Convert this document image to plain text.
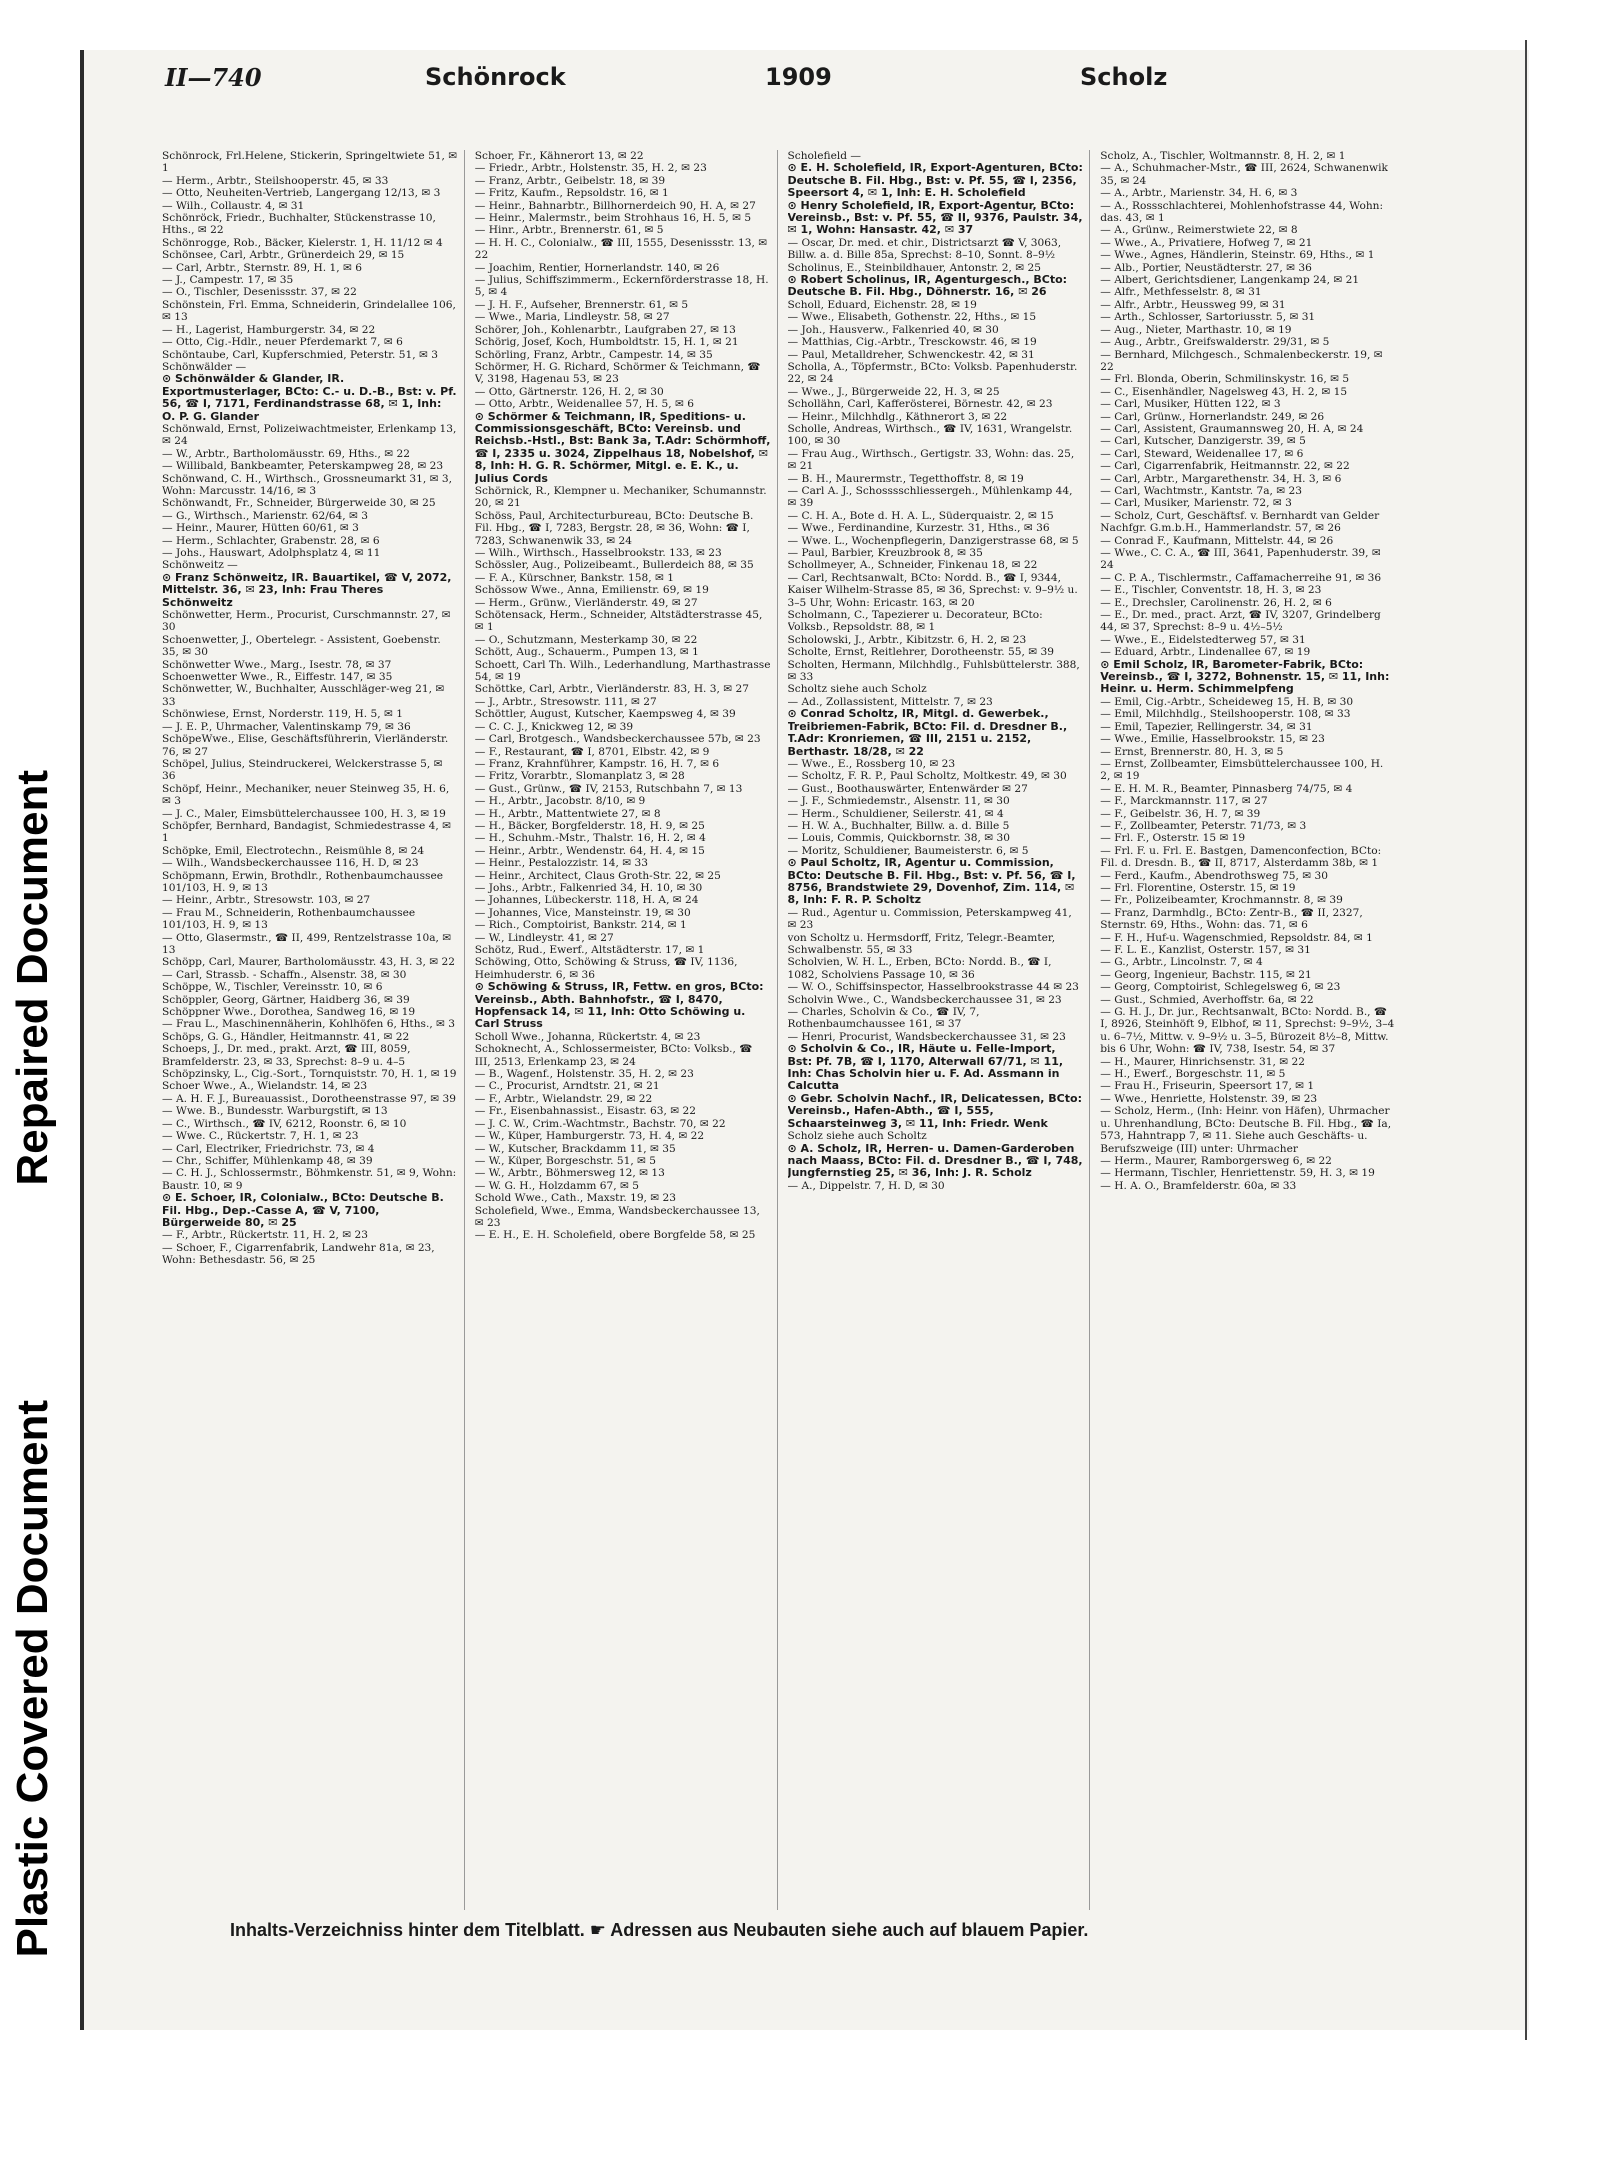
Repaired Document
Plastic Covered Document
II—740	Schönrock	1909	Scholz

Schönrock, Frl.Helene, Stickerin, Springeltwiete 51, ✉ 1

— Herm., Arbtr., Steilshooperstr. 45, ✉ 33

— Otto, Neuheiten-Vertrieb, Langergang 12/13, ✉ 3

— Wilh., Collaustr. 4, ✉ 31

Schönröck, Friedr., Buchhalter, Stückenstrasse 10, Hths., ✉ 22

Schönrogge, Rob., Bäcker, Kielerstr. 1, H. 11/12 ✉ 4

Schönsee, Carl, Arbtr., Grünerdeich 29, ✉ 15

— Carl, Arbtr., Sternstr. 89, H. 1, ✉ 6

— J., Campestr. 17, ✉ 35

— O., Tischler, Desenissstr. 37, ✉ 22

Schönstein, Frl. Emma, Schneiderin, Grindelallee 106, ✉ 13

— H., Lagerist, Hamburgerstr. 34, ✉ 22

— Otto, Cig.-Hdlr., neuer Pferdemarkt 7, ✉ 6

Schöntaube, Carl, Kupferschmied, Peterstr. 51, ✉ 3

Schönwälder —

⊙ Schönwälder & Glander, IR. Exportmusterlager, BCto: C.- u. D.-B., Bst: v. Pf. 56, ☎ I, 7171, Ferdinandstrasse 68, ✉ 1, Inh: O. P. G. Glander

Schönwald, Ernst, Polizeiwachtmeister, Erlenkamp 13, ✉ 24

— W., Arbtr., Bartholomäusstr. 69, Hths., ✉ 22

— Willibald, Bankbeamter, Peterskampweg 28, ✉ 23

Schönwand, C. H., Wirthsch., Grossneumarkt 31, ✉ 3, Wohn: Marcusstr. 14/16, ✉ 3

Schönwandt, Fr., Schneider, Bürgerweide 30, ✉ 25

— G., Wirthsch., Marienstr. 62/64, ✉ 3

— Heinr., Maurer, Hütten 60/61, ✉ 3

— Herm., Schlachter, Grabenstr. 28, ✉ 6

— Johs., Hauswart, Adolphsplatz 4, ✉ 11

Schönweitz —

⊙ Franz Schönweitz, IR. Bauartikel, ☎ V, 2072, Mittelstr. 36, ✉ 23, Inh: Frau Theres Schönweitz

Schönwetter, Herm., Procurist, Curschmannstr. 27, ✉ 30

Schoenwetter, J., Obertelegr. - Assistent, Goebenstr. 35, ✉ 30

Schönwetter Wwe., Marg., Isestr. 78, ✉ 37

Schoenwetter Wwe., R., Eiffestr. 147, ✉ 35

Schönwetter, W., Buchhalter, Ausschläger-weg 21, ✉ 33

Schönwiese, Ernst, Norderstr. 119, H. 5, ✉ 1

— J. E. P., Uhrmacher, Valentinskamp 79, ✉ 36

SchöpeWwe., Elise, Geschäftsführerin, Vierländerstr. 76, ✉ 27

Schöpel, Julius, Steindruckerei, Welckerstrasse 5, ✉ 36

Schöpf, Heinr., Mechaniker, neuer Steinweg 35, H. 6, ✉ 3

— J. C., Maler, Eimsbüttelerchaussee 100, H. 3, ✉ 19

Schöpfer, Bernhard, Bandagist, Schmiedestrasse 4, ✉ 1

Schöpke, Emil, Electrotechn., Reismühle 8, ✉ 24

— Wilh., Wandsbeckerchaussee 116, H. D, ✉ 23

Schöpmann, Erwin, Brothdlr., Rothenbaumchaussee 101/103, H. 9, ✉ 13

— Heinr., Arbtr., Stresowstr. 103, ✉ 27

— Frau M., Schneiderin, Rothenbaumchaussee 101/103, H. 9, ✉ 13

— Otto, Glasermstr., ☎ II, 499, Rentzelstrasse 10a, ✉ 13

Schöpp, Carl, Maurer, Bartholomäusstr. 43, H. 3, ✉ 22

— Carl, Strassb. - Schaffn., Alsenstr. 38, ✉ 30

Schöppe, W., Tischler, Vereinsstr. 10, ✉ 6

Schöppler, Georg, Gärtner, Haidberg 36, ✉ 39

Schöppner Wwe., Dorothea, Sandweg 16, ✉ 19

— Frau L., Maschinennäherin, Kohlhöfen 6, Hths., ✉ 3

Schöps, G. G., Händler, Heitmannstr. 41, ✉ 22

Schoeps, J., Dr. med., prakt. Arzt, ☎ III, 8059, Bramfelderstr. 23, ✉ 33, Sprechst: 8–9 u. 4–5

Schöpzinsky, L., Cig.-Sort., Tornquiststr. 70, H. 1, ✉ 19

Schoer Wwe., A., Wielandstr. 14, ✉ 23

— A. H. F. J., Bureauassist., Dorotheenstrasse 97, ✉ 39

— Wwe. B., Bundesstr. Warburgstift, ✉ 13

— C., Wirthsch., ☎ IV, 6212, Roonstr. 6, ✉ 10

— Wwe. C., Rückertstr. 7, H. 1, ✉ 23

— Carl, Electriker, Friedrichstr. 73, ✉ 4

— Chr., Schiffer, Mühlenkamp 48, ✉ 39

— C. H. J., Schlossermstr., Böhmkenstr. 51, ✉ 9, Wohn: Baustr. 10, ✉ 9

⊙ E. Schoer, IR, Colonialw., BCto: Deutsche B. Fil. Hbg., Dep.-Casse A, ☎ V, 7100, Bürgerweide 80, ✉ 25

— F., Arbtr., Rückertstr. 11, H. 2, ✉ 23

— Schoer, F., Cigarrenfabrik, Landwehr 81a, ✉ 23, Wohn: Bethesdastr. 56, ✉ 25

Schoer, Fr., Kähnerort 13, ✉ 22

— Friedr., Arbtr., Holstenstr. 35, H. 2, ✉ 23

— Franz, Arbtr., Geibelstr. 18, ✉ 39

— Fritz, Kaufm., Repsoldstr. 16, ✉ 1

— Heinr., Bahnarbtr., Billhornerdeich 90, H. A, ✉ 27

— Heinr., Malermstr., beim Strohhaus 16, H. 5, ✉ 5

— Hinr., Arbtr., Brennerstr. 61, ✉ 5

— H. H. C., Colonialw., ☎ III, 1555, Desenissstr. 13, ✉ 22

— Joachim, Rentier, Hornerlandstr. 140, ✉ 26

— Julius, Schiffszimmerm., Eckernförderstrasse 18, H. 5, ✉ 4

— J. H. F., Aufseher, Brennerstr. 61, ✉ 5

— Wwe., Maria, Lindleystr. 58, ✉ 27

Schörer, Joh., Kohlenarbtr., Laufgraben 27, ✉ 13

Schörig, Josef, Koch, Humboldtstr. 15, H. 1, ✉ 21

Schörling, Franz, Arbtr., Campestr. 14, ✉ 35

Schörmer, H. G. Richard, Schörmer & Teichmann, ☎ V, 3198, Hagenau 53, ✉ 23

— Otto, Gärtnerstr. 126, H. 2, ✉ 30

— Otto, Arbtr., Weidenallee 57, H. 5, ✉ 6

⊙ Schörmer & Teichmann, IR, Speditions- u. Commissionsgeschäft, BCto: Vereinsb. und Reichsb.-Hstl., Bst: Bank 3a, T.Adr: Schörmhoff, ☎ I, 2335 u. 3024, Zippelhaus 18, Nobelshof, ✉ 8, Inh: H. G. R. Schörmer, Mitgl. e. E. K., u. Julius Cords

Schörnick, R., Klempner u. Mechaniker, Schumannstr. 20, ✉ 21

Schöss, Paul, Architecturbureau, BCto: Deutsche B. Fil. Hbg., ☎ I, 7283, Bergstr. 28, ✉ 36, Wohn: ☎ I, 7283, Schwanenwik 33, ✉ 24

— Wilh., Wirthsch., Hasselbrookstr. 133, ✉ 23

Schössler, Aug., Polizeibeamt., Bullerdeich 88, ✉ 35

— F. A., Kürschner, Bankstr. 158, ✉ 1

Schössow Wwe., Anna, Emilienstr. 69, ✉ 19

— Herm., Grünw., Vierländerstr. 49, ✉ 27

Schötensack, Herm., Schneider, Altstädterstrasse 45, ✉ 1

— O., Schutzmann, Mesterkamp 30, ✉ 22

Schött, Aug., Schauerm., Pumpen 13, ✉ 1

Schoett, Carl Th. Wilh., Lederhandlung, Marthastrasse 54, ✉ 19

Schöttke, Carl, Arbtr., Vierländerstr. 83, H. 3, ✉ 27

— J., Arbtr., Stresowstr. 111, ✉ 27

Schöttler, August, Kutscher, Kaempsweg 4, ✉ 39

— C. C. J., Knickweg 12, ✉ 39

— Carl, Brotgesch., Wandsbeckerchaussee 57b, ✉ 23

— F., Restaurant, ☎ I, 8701, Elbstr. 42, ✉ 9

— Franz, Krahnführer, Kampstr. 16, H. 7, ✉ 6

— Fritz, Vorarbtr., Slomanplatz 3, ✉ 28

— Gust., Grünw., ☎ IV, 2153, Rutschbahn 7, ✉ 13

— H., Arbtr., Jacobstr. 8/10, ✉ 9

— H., Arbtr., Mattentwiete 27, ✉ 8

— H., Bäcker, Borgfelderstr. 18, H. 9, ✉ 25

— H., Schuhm.-Mstr., Thalstr. 16, H. 2, ✉ 4

— Heinr., Arbtr., Wendenstr. 64, H. 4, ✉ 15

— Heinr., Pestalozzistr. 14, ✉ 33

— Heinr., Architect, Claus Groth-Str. 22, ✉ 25

— Johs., Arbtr., Falkenried 34, H. 10, ✉ 30

— Johannes, Lübeckerstr. 118, H. A, ✉ 24

— Johannes, Vice, Mansteinstr. 19, ✉ 30

— Rich., Comptoirist, Bankstr. 214, ✉ 1

— W., Lindleystr. 41, ✉ 27

Schötz, Rud., Ewerf., Altstädterstr. 17, ✉ 1

Schöwing, Otto, Schöwing & Struss, ☎ IV, 1136, Heimhuderstr. 6, ✉ 36

⊙ Schöwing & Struss, IR, Fettw. en gros, BCto: Vereinsb., Abth. Bahnhofstr., ☎ I, 8470, Hopfensack 14, ✉ 11, Inh: Otto Schöwing u. Carl Struss

Scholl Wwe., Johanna, Rückertstr. 4, ✉ 23

Schoknecht, A., Schlossermeister, BCto: Volksb., ☎ III, 2513, Erlenkamp 23, ✉ 24

— B., Wagenf., Holstenstr. 35, H. 2, ✉ 23

— C., Procurist, Arndtstr. 21, ✉ 21

— F., Arbtr., Wielandstr. 29, ✉ 22

— Fr., Eisenbahnassist., Eisastr. 63, ✉ 22

— J. C. W., Crim.-Wachtmstr., Bachstr. 70, ✉ 22

— W., Küper, Hamburgerstr. 73, H. 4, ✉ 22

— W., Kutscher, Brackdamm 11, ✉ 35

— W., Küper, Borgeschstr. 51, ✉ 5

— W., Arbtr., Böhmersweg 12, ✉ 13

— W. G. H., Holzdamm 67, ✉ 5

Schold Wwe., Cath., Maxstr. 19, ✉ 23

Scholefield, Wwe., Emma, Wandsbeckerchaussee 13, ✉ 23

— E. H., E. H. Scholefield, obere Borgfelde 58, ✉ 25

Scholefield —

⊙ E. H. Scholefield, IR, Export-Agenturen, BCto: Deutsche B. Fil. Hbg., Bst: v. Pf. 55, ☎ I, 2356, Speersort 4, ✉ 1, Inh: E. H. Scholefield

⊙ Henry Scholefield, IR, Export-Agentur, BCto: Vereinsb., Bst: v. Pf. 55, ☎ II, 9376, Paulstr. 34, ✉ 1, Wohn: Hansastr. 42, ✉ 37

— Oscar, Dr. med. et chir., Districtsarzt ☎ V, 3063, Billw. a. d. Bille 85a, Sprechst: 8–10, Sonnt. 8–9½

Scholinus, E., Steinbildhauer, Antonstr. 2, ✉ 25

⊙ Robert Scholinus, IR, Agenturgesch., BCto: Deutsche B. Fil. Hbg., Döhnerstr. 16, ✉ 26

Scholl, Eduard, Eichenstr. 28, ✉ 19

— Wwe., Elisabeth, Gothenstr. 22, Hths., ✉ 15

— Joh., Hausverw., Falkenried 40, ✉ 30

— Matthias, Cig.-Arbtr., Tresckowstr. 46, ✉ 19

— Paul, Metalldreher, Schwenckestr. 42, ✉ 31

Scholla, A., Töpfermstr., BCto: Volksb. Papenhuderstr. 22, ✉ 24

— Wwe., J., Bürgerweide 22, H. 3, ✉ 25

Schollähn, Carl, Kafferösterei, Börnestr. 42, ✉ 23

— Heinr., Milchhdlg., Käthnerort 3, ✉ 22

Scholle, Andreas, Wirthsch., ☎ IV, 1631, Wrangelstr. 100, ✉ 30

— Frau Aug., Wirthsch., Gertigstr. 33, Wohn: das. 25, ✉ 21

— B. H., Maurermstr., Tegetthoffstr. 8, ✉ 19

— Carl A. J., Schosssschliessergeh., Mühlenkamp 44, ✉ 39

— C. H. A., Bote d. H. A. L., Süderquaistr. 2, ✉ 15

— Wwe., Ferdinandine, Kurzestr. 31, Hths., ✉ 36

— Wwe. L., Wochenpflegerin, Danzigerstrasse 68, ✉ 5

— Paul, Barbier, Kreuzbrook 8, ✉ 35

Schollmeyer, A., Schneider, Finkenau 18, ✉ 22

— Carl, Rechtsanwalt, BCto: Nordd. B., ☎ I, 9344, Kaiser Wilhelm-Strasse 85, ✉ 36, Sprechst: v. 9–9½ u. 3–5 Uhr, Wohn: Ericastr. 163, ✉ 20

Scholmann, C., Tapezierer u. Decorateur, BCto: Volksb., Repsoldstr. 88, ✉ 1

Scholowski, J., Arbtr., Kibitzstr. 6, H. 2, ✉ 23

Scholte, Ernst, Reitlehrer, Dorotheenstr. 55, ✉ 39

Scholten, Hermann, Milchhdlg., Fuhlsbüttelerstr. 388, ✉ 33

Scholtz siehe auch Scholz

— Ad., Zollassistent, Mittelstr. 7, ✉ 23

⊙ Conrad Scholtz, IR, Mitgl. d. Gewerbek., Treibriemen-Fabrik, BCto: Fil. d. Dresdner B., T.Adr: Kronriemen, ☎ III, 2151 u. 2152, Berthastr. 18/28, ✉ 22

— Wwe., E., Rossberg 10, ✉ 23

— Scholtz, F. R. P., Paul Scholtz, Moltkestr. 49, ✉ 30

— Gust., Boothauswärter, Entenwärder ✉ 27

— J. F., Schmiedemstr., Alsenstr. 11, ✉ 30

— Herm., Schuldiener, Seilerstr. 41, ✉ 4

— H. W. A., Buchhalter, Billw. a. d. Bille 5

— Louis, Commis, Quickbornstr. 38, ✉ 30

— Moritz, Schuldiener, Baumeisterstr. 6, ✉ 5

⊙ Paul Scholtz, IR, Agentur u. Commission, BCto: Deutsche B. Fil. Hbg., Bst: v. Pf. 56, ☎ I, 8756, Brandstwiete 29, Dovenhof, Zim. 114, ✉ 8, Inh: F. R. P. Scholtz

— Rud., Agentur u. Commission, Peterskampweg 41, ✉ 23

von Scholtz u. Hermsdorff, Fritz, Telegr.-Beamter, Schwalbenstr. 55, ✉ 33

Scholvien, W. H. L., Erben, BCto: Nordd. B., ☎ I, 1082, Scholviens Passage 10, ✉ 36

— W. O., Schiffsinspector, Hasselbrookstrasse 44 ✉ 23

Scholvin Wwe., C., Wandsbeckerchaussee 31, ✉ 23

— Charles, Scholvin & Co., ☎ IV, 7, Rothenbaumchaussee 161, ✉ 37

— Henri, Procurist, Wandsbeckerchaussee 31, ✉ 23

⊙ Scholvin & Co., IR, Häute u. Felle-Import, Bst: Pf. 7B, ☎ I, 1170, Alterwall 67/71, ✉ 11, Inh: Chas Scholvin hier u. F. Ad. Assmann in Calcutta

⊙ Gebr. Scholvin Nachf., IR, Delicatessen, BCto: Vereinsb., Hafen-Abth., ☎ I, 555, Schaarsteinweg 3, ✉ 11, Inh: Friedr. Wenk

Scholz siehe auch Scholtz

⊙ A. Scholz, IR, Herren- u. Damen-Garderoben nach Maass, BCto: Fil. d. Dresdner B., ☎ I, 748, Jungfernstieg 25, ✉ 36, Inh: J. R. Scholz

— A., Dippelstr. 7, H. D, ✉ 30

Scholz, A., Tischler, Woltmannstr. 8, H. 2, ✉ 1

— A., Schuhmacher-Mstr., ☎ III, 2624, Schwanenwik 35, ✉ 24

— A., Arbtr., Marienstr. 34, H. 6, ✉ 3

— A., Rossschlachterei, Mohlenhofstrasse 44, Wohn: das. 43, ✉ 1

— A., Grünw., Reimerstwiete 22, ✉ 8

— Wwe., A., Privatiere, Hofweg 7, ✉ 21

— Wwe., Agnes, Händlerin, Steinstr. 69, Hths., ✉ 1

— Alb., Portier, Neustädterstr. 27, ✉ 36

— Albert, Gerichtsdiener, Langenkamp 24, ✉ 21

— Alfr., Methfesselstr. 8, ✉ 31

— Alfr., Arbtr., Heussweg 99, ✉ 31

— Arth., Schlosser, Sartoriusstr. 5, ✉ 31

— Aug., Nieter, Marthastr. 10, ✉ 19

— Aug., Arbtr., Greifswalderstr. 29/31, ✉ 5

— Bernhard, Milchgesch., Schmalenbeckerstr. 19, ✉ 22

— Frl. Blonda, Oberin, Schmilinskystr. 16, ✉ 5

— C., Eisenhändler, Nagelsweg 43, H. 2, ✉ 15

— Carl, Musiker, Hütten 122, ✉ 3

— Carl, Grünw., Hornerlandstr. 249, ✉ 26

— Carl, Assistent, Graumannsweg 20, H. A, ✉ 24

— Carl, Kutscher, Danzigerstr. 39, ✉ 5

— Carl, Steward, Weidenallee 17, ✉ 6

— Carl, Cigarrenfabrik, Heitmannstr. 22, ✉ 22

— Carl, Arbtr., Margarethenstr. 34, H. 3, ✉ 6

— Carl, Wachtmstr., Kantstr. 7a, ✉ 23

— Carl, Musiker, Marienstr. 72, ✉ 3

— Scholz, Curt, Geschäftsf. v. Bernhardt van Gelder Nachfgr. G.m.b.H., Hammerlandstr. 57, ✉ 26

— Conrad F., Kaufmann, Mittelstr. 44, ✉ 26

— Wwe., C. C. A., ☎ III, 3641, Papenhuderstr. 39, ✉ 24

— C. P. A., Tischlermstr., Caffamacherreihe 91, ✉ 36

— E., Tischler, Conventstr. 18, H. 3, ✉ 23

— E., Drechsler, Carolinenstr. 26, H. 2, ✉ 6

— E., Dr. med., pract. Arzt, ☎ IV, 3207, Grindelberg 44, ✉ 37, Sprechst: 8–9 u. 4½–5½

— Wwe., E., Eidelstedterweg 57, ✉ 31

— Eduard, Arbtr., Lindenallee 67, ✉ 19

⊙ Emil Scholz, IR, Barometer-Fabrik, BCto: Vereinsb., ☎ I, 3272, Bohnenstr. 15, ✉ 11, Inh: Heinr. u. Herm. Schimmelpfeng

— Emil, Cig.-Arbtr., Scheideweg 15, H. B, ✉ 30

— Emil, Milchhdlg., Steilshooperstr. 108, ✉ 33

— Emil, Tapezier, Rellingerstr. 34, ✉ 31

— Wwe., Emilie, Hasselbrookstr. 15, ✉ 23

— Ernst, Brennerstr. 80, H. 3, ✉ 5

— Ernst, Zollbeamter, Eimsbüttelerchaussee 100, H. 2, ✉ 19

— E. H. M. R., Beamter, Pinnasberg 74/75, ✉ 4

— F., Marckmannstr. 117, ✉ 27

— F., Geibelstr. 36, H. 7, ✉ 39

— F., Zollbeamter, Peterstr. 71/73, ✉ 3

— Frl. F., Osterstr. 15 ✉ 19

— Frl. F. u. Frl. E. Bastgen, Damenconfection, BCto: Fil. d. Dresdn. B., ☎ II, 8717, Alsterdamm 38b, ✉ 1

— Ferd., Kaufm., Abendrothsweg 75, ✉ 30

— Frl. Florentine, Osterstr. 15, ✉ 19

— Fr., Polizeibeamter, Krochmannstr. 8, ✉ 39

— Franz, Darmhdlg., BCto: Zentr-B., ☎ II, 2327, Sternstr. 69, Hths., Wohn: das. 71, ✉ 6

— F. H., Huf-u. Wagenschmied, Repsoldstr. 84, ✉ 1

— F. L. E., Kanzlist, Osterstr. 157, ✉ 31

— G., Arbtr., Lincolnstr. 7, ✉ 4

— Georg, Ingenieur, Bachstr. 115, ✉ 21

— Georg, Comptoirist, Schlegelsweg 6, ✉ 23

— Gust., Schmied, Averhoffstr. 6a, ✉ 22

— G. H. J., Dr. jur., Rechtsanwalt, BCto: Nordd. B., ☎ I, 8926, Steinhöft 9, Elbhof, ✉ 11, Sprechst: 9–9½, 3–4 u. 6–7½, Mittw. v. 9–9½ u. 3–5, Bürozeit 8½–8, Mittw. bis 6 Uhr, Wohn: ☎ IV, 738, Isestr. 54, ✉ 37

— H., Maurer, Hinrichsenstr. 31, ✉ 22

— H., Ewerf., Borgeschstr. 11, ✉ 5

— Frau H., Friseurin, Speersort 17, ✉ 1

— Wwe., Henriette, Holstenstr. 39, ✉ 23

— Scholz, Herm., (Inh: Heinr. von Häfen), Uhrmacher u. Uhrenhandlung, BCto: Deutsche B. Fil. Hbg., ☎ Ia, 573, Hahntrapp 7, ✉ 11. Siehe auch Geschäfts- u. Berufszweige (III) unter: Uhrmacher

— Herm., Maurer, Ramborgersweg 6, ✉ 22

— Hermann, Tischler, Henriettenstr. 59, H. 3, ✉ 19

— H. A. O., Bramfelderstr. 60a, ✉ 33

Inhalts-Verzeichniss hinter dem Titelblatt. ☛ Adressen aus Neubauten siehe auch auf blauem Papier.
